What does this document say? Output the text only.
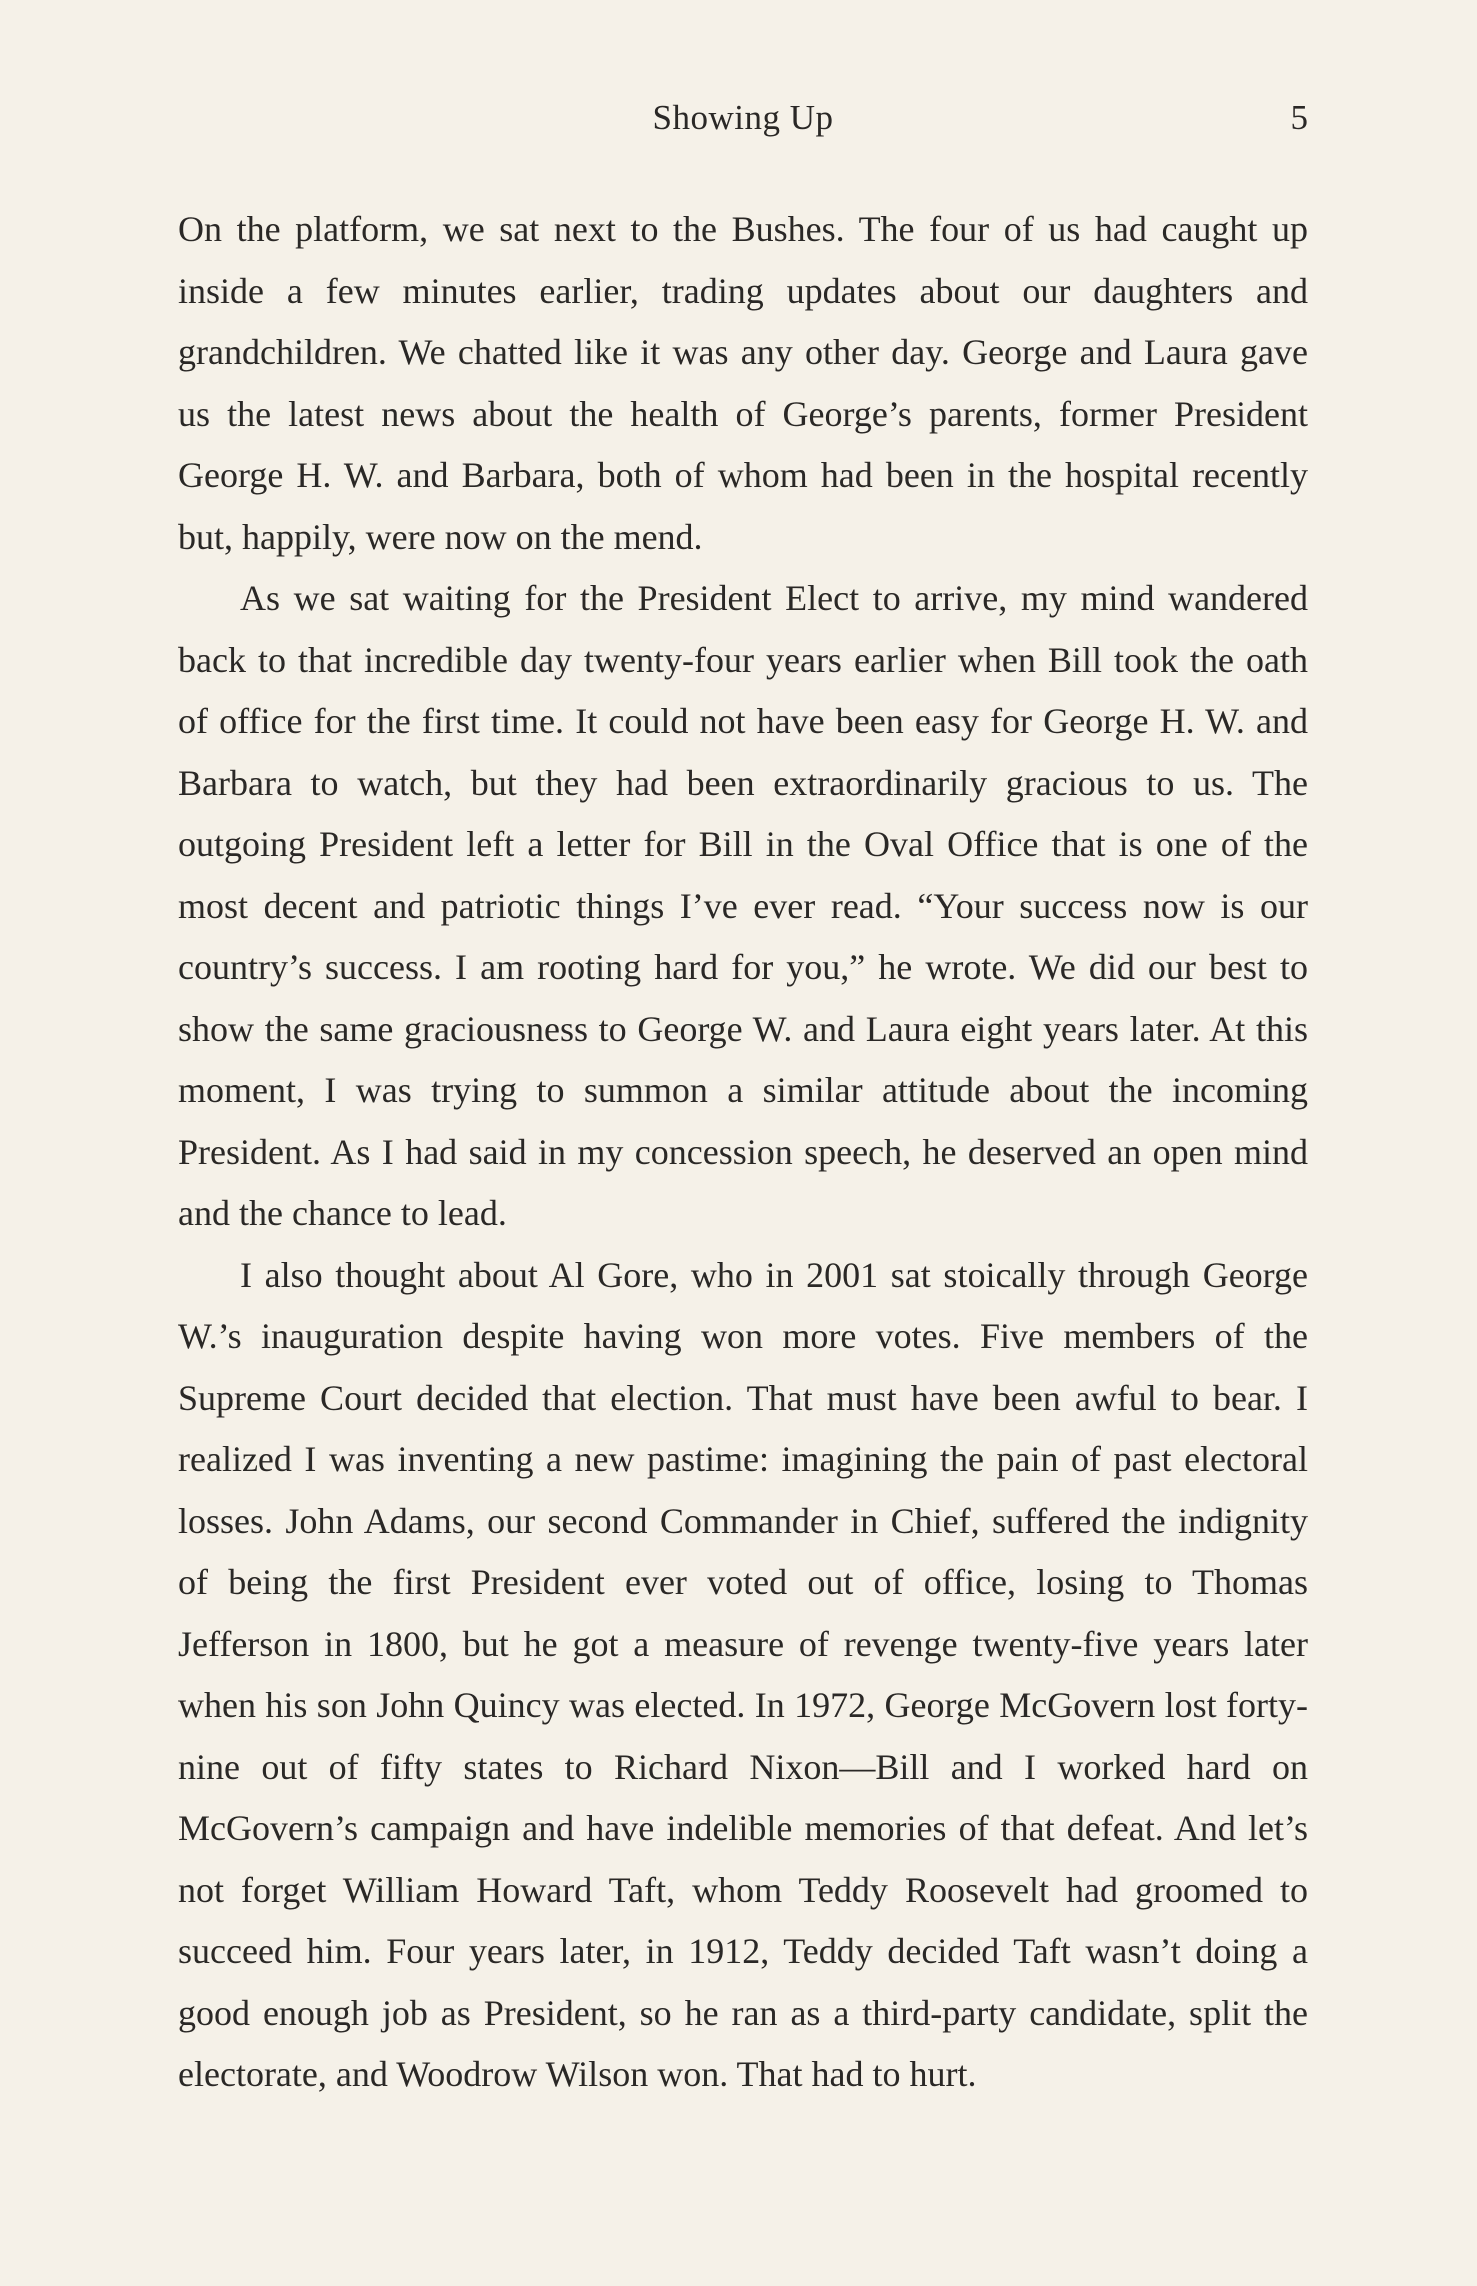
Showing Up	5

On the platform, we sat next to the Bushes. The four of us had caught up inside a few minutes earlier, trading updates about our daughters and grandchildren. We chatted like it was any other day. George and Laura gave us the latest news about the health of George’s parents, former President George H. W. and Barbara, both of whom had been in the hospital recently but, happily, were now on the mend.

As we sat waiting for the President Elect to arrive, my mind wandered back to that incredible day twenty-four years earlier when Bill took the oath of office for the first time. It could not have been easy for George H. W. and Barbara to watch, but they had been extraordinarily gracious to us. The outgoing President left a letter for Bill in the Oval Office that is one of the most decent and patriotic things I’ve ever read. “Your success now is our country’s success. I am rooting hard for you,” he wrote. We did our best to show the same graciousness to George W. and Laura eight years later. At this moment, I was trying to summon a similar attitude about the incoming President. As I had said in my concession speech, he deserved an open mind and the chance to lead.

I also thought about Al Gore, who in 2001 sat stoically through George W.’s inauguration despite having won more votes. Five members of the Supreme Court decided that election. That must have been awful to bear. I realized I was inventing a new pastime: imagining the pain of past electoral losses. John Adams, our second Commander in Chief, suffered the indignity of being the first President ever voted out of office, losing to Thomas Jefferson in 1800, but he got a measure of revenge twenty-five years later when his son John Quincy was elected. In 1972, George McGovern lost forty-nine out of fifty states to Richard Nixon—Bill and I worked hard on McGovern’s campaign and have indelible memories of that defeat. And let’s not forget William Howard Taft, whom Teddy Roosevelt had groomed to succeed him. Four years later, in 1912, Teddy decided Taft wasn’t doing a good enough job as President, so he ran as a third-party candidate, split the electorate, and Woodrow Wilson won. That had to hurt.
